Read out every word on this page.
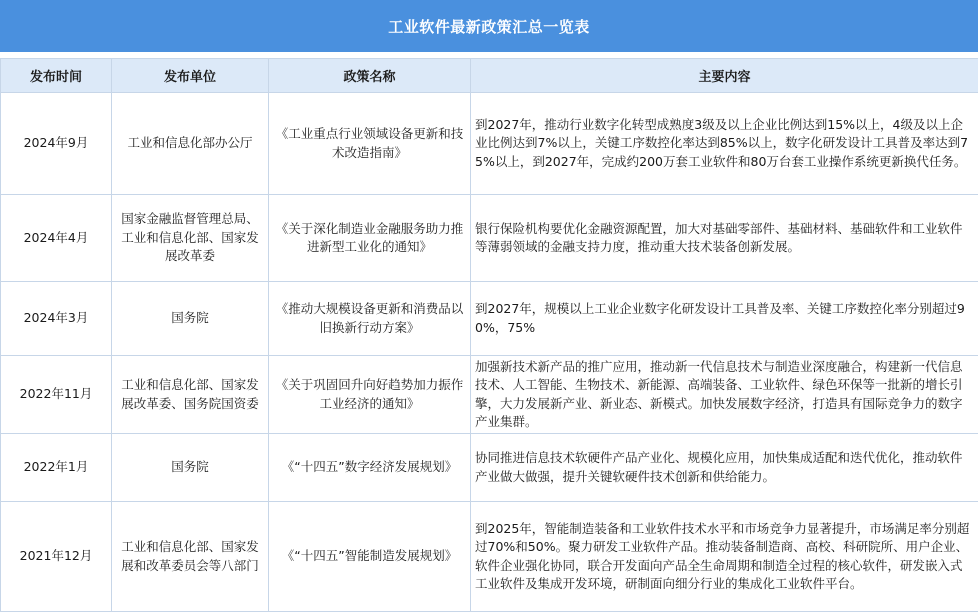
工业软件最新政策汇总一览表
发布时间	发布单位	政策名称	主要内容
2024年9月	工业和信息化部办公厅	《工业重点行业领域设备更新和技术改造指南》	到2027年，推动行业数字化转型成熟度3级及以上企业比例达到15%以上，4级及以上企业比例达到7%以上，关键工序数控化率达到85%以上，数字化研发设计工具普及率达到75%以上，到2027年，完成约200万套工业软件和80万台套工业操作系统更新换代任务。
2024年4月	国家金融监督管理总局、工业和信息化部、国家发展改革委	《关于深化制造业金融服务助力推进新型工业化的通知》	银行保险机构要优化金融资源配置，加大对基础零部件、基础材料、基础软件和工业软件等薄弱领域的金融支持力度，推动重大技术装备创新发展。
2024年3月	国务院	《推动大规模设备更新和消费品以旧换新行动方案》	到2027年，规模以上工业企业数字化研发设计工具普及率、关键工序数控化率分别超过90%，75%
2022年11月	工业和信息化部、国家发展改革委、国务院国资委	《关于巩固回升向好趋势加力振作工业经济的通知》	加强新技术新产品的推广应用，推动新一代信息技术与制造业深度融合，构建新一代信息技术、人工智能、生物技术、新能源、高端装备、工业软件、绿色环保等一批新的增长引擎，大力发展新产业、新业态、新模式。加快发展数字经济，打造具有国际竞争力的数字产业集群。
2022年1月	国务院	《“十四五”数字经济发展规划》	协同推进信息技术软硬件产品产业化、规模化应用，加快集成适配和迭代优化，推动软件产业做大做强，提升关键软硬件技术创新和供给能力。
2021年12月	工业和信息化部、国家发展和改革委员会等八部门	《“十四五”智能制造发展规划》	到2025年，智能制造装备和工业软件技术水平和市场竞争力显著提升，市场满足率分别超过70%和50%。聚力研发工业软件产品。推动装备制造商、高校、科研院所、用户企业、软件企业强化协同，联合开发面向产品全生命周期和制造全过程的核心软件，研发嵌入式工业软件及集成开发环境，研制面向细分行业的集成化工业软件平台。
